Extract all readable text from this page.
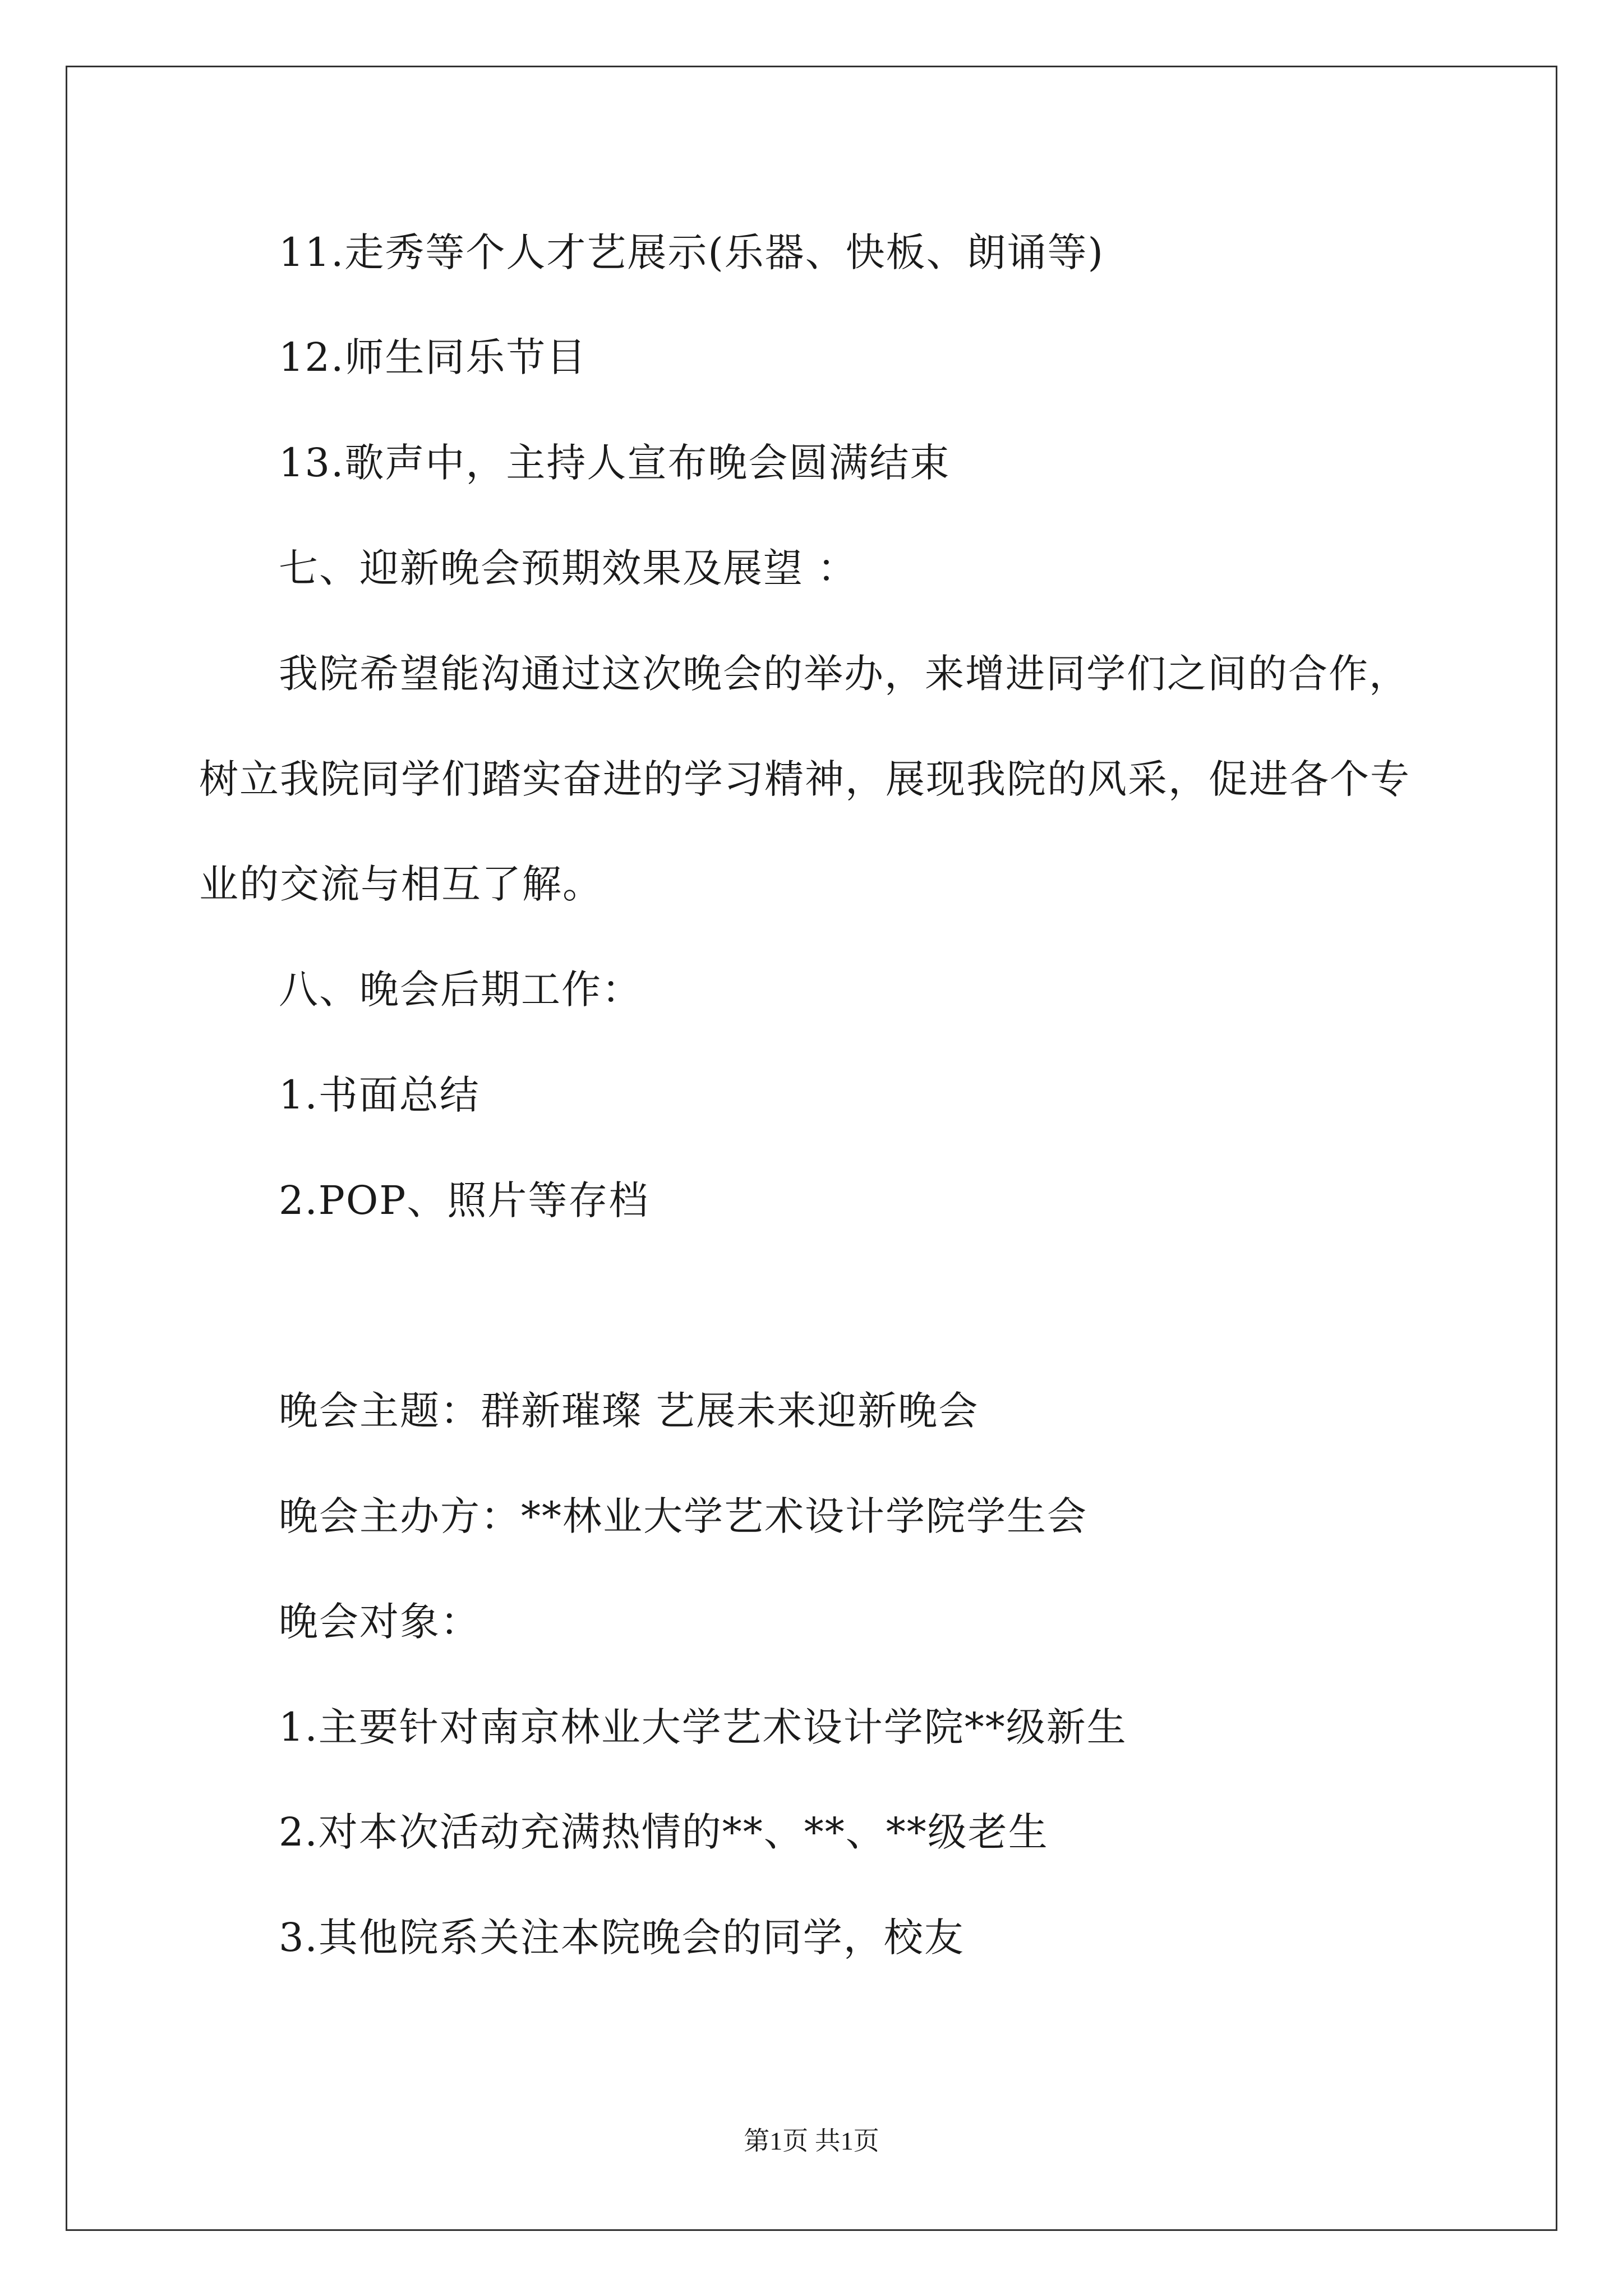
11.走秀等个人才艺展示(乐器、快板、朗诵等)
12.师生同乐节目
13.歌声中，主持人宣布晚会圆满结束
七、迎新晚会预期效果及展望 ：
我院希望能沟通过这次晚会的举办，来增进同学们之间的合作，
树立我院同学们踏实奋进的学习精神，展现我院的风采，促进各个专
业的交流与相互了解。
八、晚会后期工作：
1.书面总结
2.POP、照片等存档
晚会主题：群新璀璨 艺展未来迎新晚会
晚会主办方：**林业大学艺术设计学院学生会
晚会对象：
1.主要针对南京林业大学艺术设计学院**级新生
2.对本次活动充满热情的**、**、**级老生
3.其他院系关注本院晚会的同学，校友
第1页 共1页
